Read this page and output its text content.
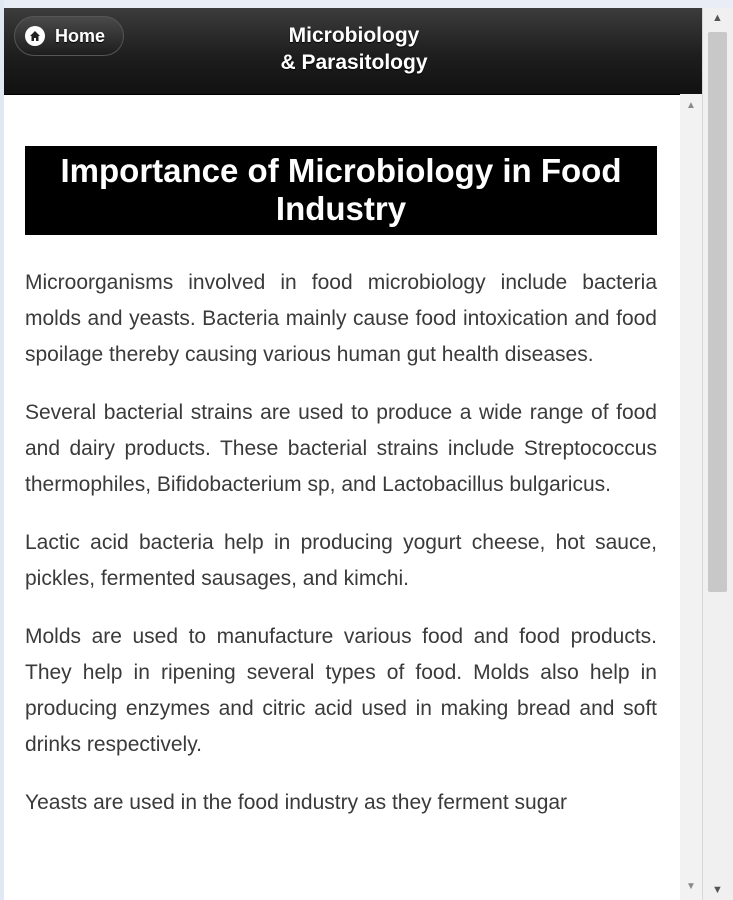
Home	Microbiology
& Parasitology
Importance of Microbiology in Food Industry

Microorganisms involved in food microbiology include bacteria molds and yeasts. Bacteria mainly cause food intoxication and food spoilage thereby causing various human gut health diseases.

Several bacterial strains are used to produce a wide range of food and dairy products. These bacterial strains include Streptococcus thermophiles, Bifidobacterium sp, and Lactobacillus bulgaricus.

Lactic acid bacteria help in producing yogurt cheese, hot sauce, pickles, fermented sausages, and kimchi.

Molds are used to manufacture various food and food products. They help in ripening several types of food. Molds also help in producing enzymes and citric acid used in making bread and soft drinks respectively.

Yeasts are used in the food industry as they ferment sugar

▲
▼
▲
▼
